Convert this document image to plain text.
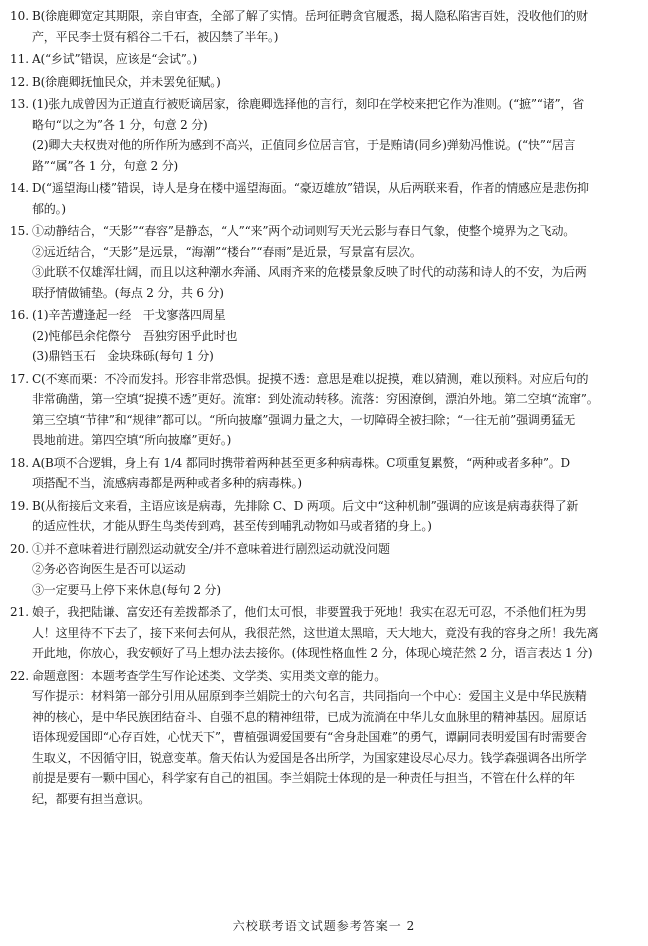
10. B(徐鹿卿宽定其期限，亲自审查，全部了解了实情。岳珂征聘贪官履悉，揭人隐私陷害百姓，没收他们的财
产，平民李士贤有稻谷二千石，被囚禁了半年。)
11. A(“乡试”错误，应该是“会试”。)
12. B(徐鹿卿抚恤民众，并未罢免征赋。)
13. (1)张九成曾因为正道直行被贬谪居家，徐鹿卿选择他的言行，刻印在学校来把它作为准则。(“摭”“诸”，省
略句“以之为”各 1 分，句意 2 分)
(2)卿大夫权贵对他的所作所为感到不高兴，正值同乡位居言官，于是贿请(同乡)弹劾冯惟说。(“快”“居言
路”“属”各 1 分，句意 2 分)
14. D(“遥望海山楼”错误，诗人是身在楼中遥望海面。“豪迈雄放”错误，从后两联来看，作者的情感应是悲伤抑
郁的。)
15. ①动静结合，“天影”“春容”是静态，“人”“来”两个动词则写天光云影与春日气象，使整个境界为之飞动。
②远近结合，“天影”是远景，“海潮”“楼台”“春雨”是近景，写景富有层次。
③此联不仅雄浑壮阔，而且以这种潮水奔涌、风雨齐来的危楼景象反映了时代的动荡和诗人的不安，为后两
联抒情做铺垫。(每点 2 分，共 6 分)
16. (1)辛苦遭逢起一经　干戈寥落四周星
(2)忳郁邑余侘傺兮　吾独穷困乎此时也
(3)鼎铛玉石　金块珠砾(每句 1 分)
17. C(不寒而栗：不冷而发抖。形容非常恐惧。捉摸不透：意思是难以捉摸，难以猜测，难以预料。对应后句的
非常确凿，第一空填“捉摸不透”更好。流窜：到处流动转移。流落：穷困潦倒，漂泊外地。第二空填“流窜”。
第三空填“节律”和“规律”都可以。“所向披靡”强调力量之大，一切障碍全被扫除；“一往无前”强调勇猛无
畏地前进。第四空填“所向披靡”更好。)
18. A(B项不合逻辑，身上有 1/4 都同时携带着两种甚至更多种病毒株。C项重复累赘，“两种或者多种”。D
项搭配不当，流感病毒都是两种或者多种的病毒株。)
19. B(从衔接后文来看，主语应该是病毒，先排除 C、D 两项。后文中“这种机制”强调的应该是病毒获得了新
的适应性状，才能从野生鸟类传到鸡，甚至传到哺乳动物如马或者猪的身上。)
20. ①并不意味着进行剧烈运动就安全/并不意味着进行剧烈运动就没问题
②务必咨询医生是否可以运动
③一定要马上停下来休息(每句 2 分)
21. 娘子，我把陆谦、富安还有差拨都杀了，他们太可恨，非要置我于死地！我实在忍无可忍，不杀他们枉为男
人！这里待不下去了，接下来何去何从，我很茫然，这世道太黑暗，天大地大，竟没有我的容身之所！我先离
开此地，你放心，我安顿好了马上想办法去接你。(体现性格血性 2 分，体现心境茫然 2 分，语言表达 1 分)
22. 命题意图：本题考查学生写作论述类、文学类、实用类文章的能力。
写作提示：材料第一部分引用从屈原到李兰娟院士的六句名言，共同指向一个中心：爱国主义是中华民族精
神的核心，是中华民族团结奋斗、自强不息的精神纽带，已成为流淌在中华儿女血脉里的精神基因。屈原话
语体现爱国即“心存百姓，心忧天下”，曹植强调爱国要有“舍身赴国难”的勇气，谭嗣同表明爱国有时需要舍
生取义，不因循守旧，锐意变革。詹天佑认为爱国是各出所学，为国家建设尽心尽力。钱学森强调各出所学
前提是要有一颗中国心，科学家有自己的祖国。李兰娟院士体现的是一种责任与担当，不管在什么样的年
纪，都要有担当意识。
六校联考语文试题参考答案一 2
